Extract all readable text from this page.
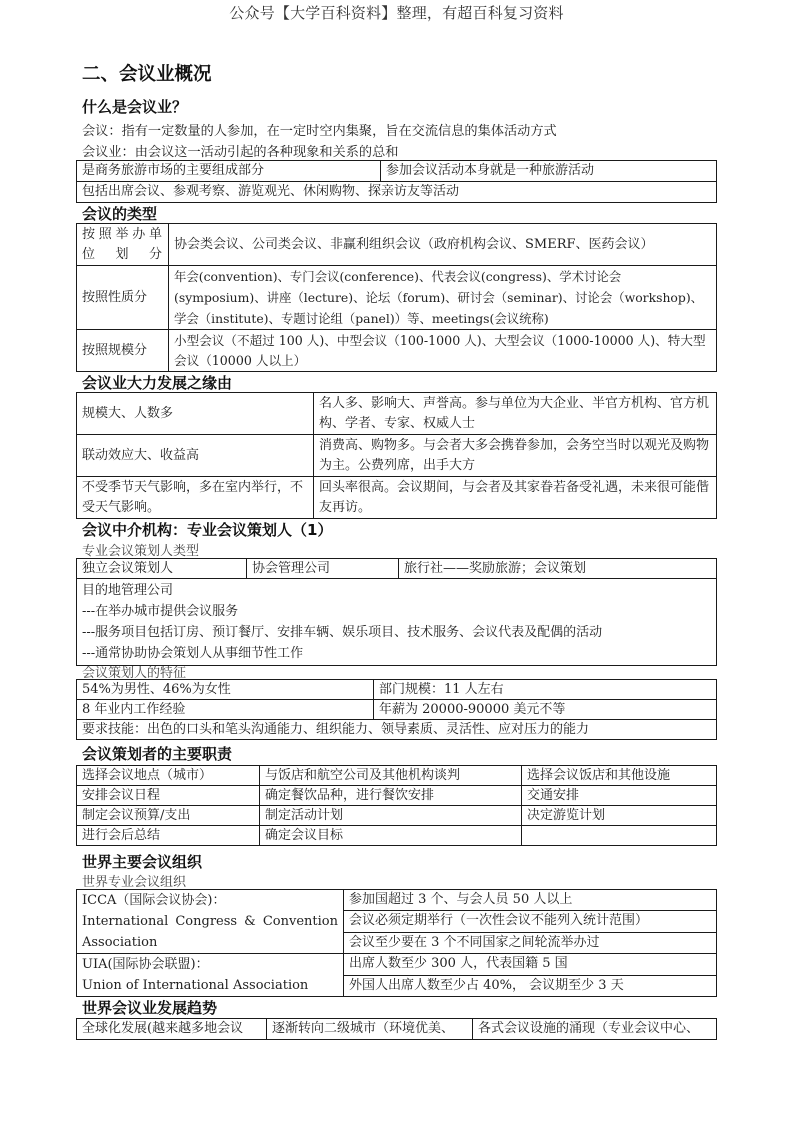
公众号【大学百科资料】整理，有超百科复习资料
二、会议业概况
什么是会议业？
会议：指有一定数量的人参加，在一定时空内集聚，旨在交流信息的集体活动方式
会议业：由会议这一活动引起的各种现象和关系的总和
是商务旅游市场的主要组成部分	参加会议活动本身就是一种旅游活动
包括出席会议、参观考察、游览观光、休闲购物、探亲访友等活动
会议的类型
按照举办单位划分	协会类会议、公司类会议、非赢利组织会议（政府机构会议、SMERF、医药会议）
按照性质分	年会(convention)、专门会议(conference)、代表会议(congress)、学术讨论会(symposium)、讲座（lecture)、论坛（forum)、研讨会（seminar)、讨论会（workshop)、学会（institute)、专题讨论组（panel)）等、meetings(会议统称)
按照规模分	小型会议（不超过 100 人)、中型会议（100-1000 人)、大型会议（1000-10000 人)、特大型会议（10000 人以上）
会议业大力发展之缘由
规模大、人数多	名人多、影响大、声誉高。参与单位为大企业、半官方机构、官方机构、学者、专家、权威人士
联动效应大、收益高	消费高、购物多。与会者大多会携眷参加，会务空当时以观光及购物为主。公费列席，出手大方
不受季节天气影响，多在室内举行，不受天气影响。	回头率很高。会议期间，与会者及其家眷若备受礼遇，未来很可能偕友再访。
会议中介机构：专业会议策划人（1）
专业会议策划人类型
独立会议策划人	协会管理公司	旅行社——奖励旅游；会议策划

目的地管理公司
---在举办城市提供会议服务
---服务项目包括订房、预订餐厅、安排车辆、娱乐项目、技术服务、会议代表及配偶的活动
---通常协助协会策划人从事细节性工作
会议策划人的特征
54%为男性、46%为女性	部门规模：11 人左右
8 年业内工作经验	年薪为 20000-90000 美元不等
要求技能：出色的口头和笔头沟通能力、组织能力、领导素质、灵活性、应对压力的能力	
会议策划者的主要职责
选择会议地点（城市）	与饭店和航空公司及其他机构谈判	选择会议饭店和其他设施
安排会议日程	确定餐饮品种，进行餐饮安排	交通安排
制定会议预算/支出	制定活动计划	决定游览计划
进行会后总结	确定会议目标	
世界主要会议组织
世界专业会议组织
ICCA（国际会议协会)：
International Congress & Convention Association	参加国超过 3 个、与会人员 50 人以上
	会议必须定期举行（一次性会议不能列入统计范围）
	会议至少要在 3 个不同国家之间轮流举办过

UIA(国际协会联盟)：
Union of International Association	出席人数至少 300 人，代表国籍 5 国
	外国人出席人数至少占 40%， 会议期至少 3 天
世界会议业发展趋势
全球化发展(越来越多地会议	逐渐转向二级城市（环境优美、	各式会议设施的涌现（专业会议中心、
